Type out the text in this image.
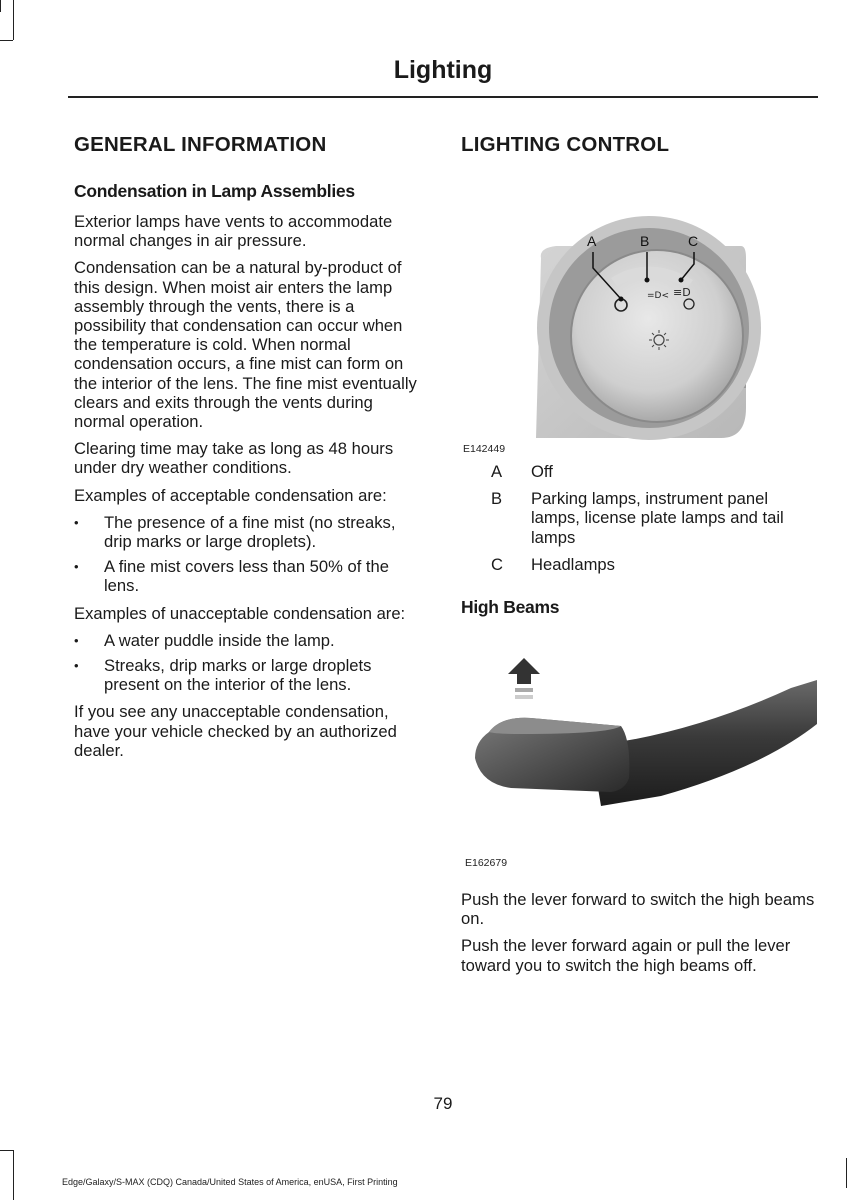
Lighting
GENERAL INFORMATION
Condensation in Lamp Assemblies

Exterior lamps have vents to accommodate normal changes in air pressure.

Condensation can be a natural by-product of this design. When moist air enters the lamp assembly through the vents, there is a possibility that condensation can occur when the temperature is cold. When normal condensation occurs, a fine mist can form on the interior of the lens. The fine mist eventually clears and exits through the vents during normal operation.

Clearing time may take as long as 48 hours under dry weather conditions.

Examples of acceptable condensation are:

• The presence of a fine mist (no streaks, drip marks or large droplets).
• A fine mist covers less than 50% of the lens.

Examples of unacceptable condensation are:

• A water puddle inside the lamp.
• Streaks, drip marks or large droplets present on the interior of the lens.

If you see any unacceptable condensation, have your vehicle checked by an authorized dealer.

LIGHTING CONTROL
=D< ≡D
A	B	C
E142449
A	Off
B	Parking lamps, instrument panel lamps, license plate lamps and tail lamps
C	Headlamps
High Beams
E162679

Push the lever forward to switch the high beams on.

Push the lever forward again or pull the lever toward you to switch the high beams off.

79
Edge/Galaxy/S-MAX (CDQ) Canada/United States of America, enUSA, First Printing
